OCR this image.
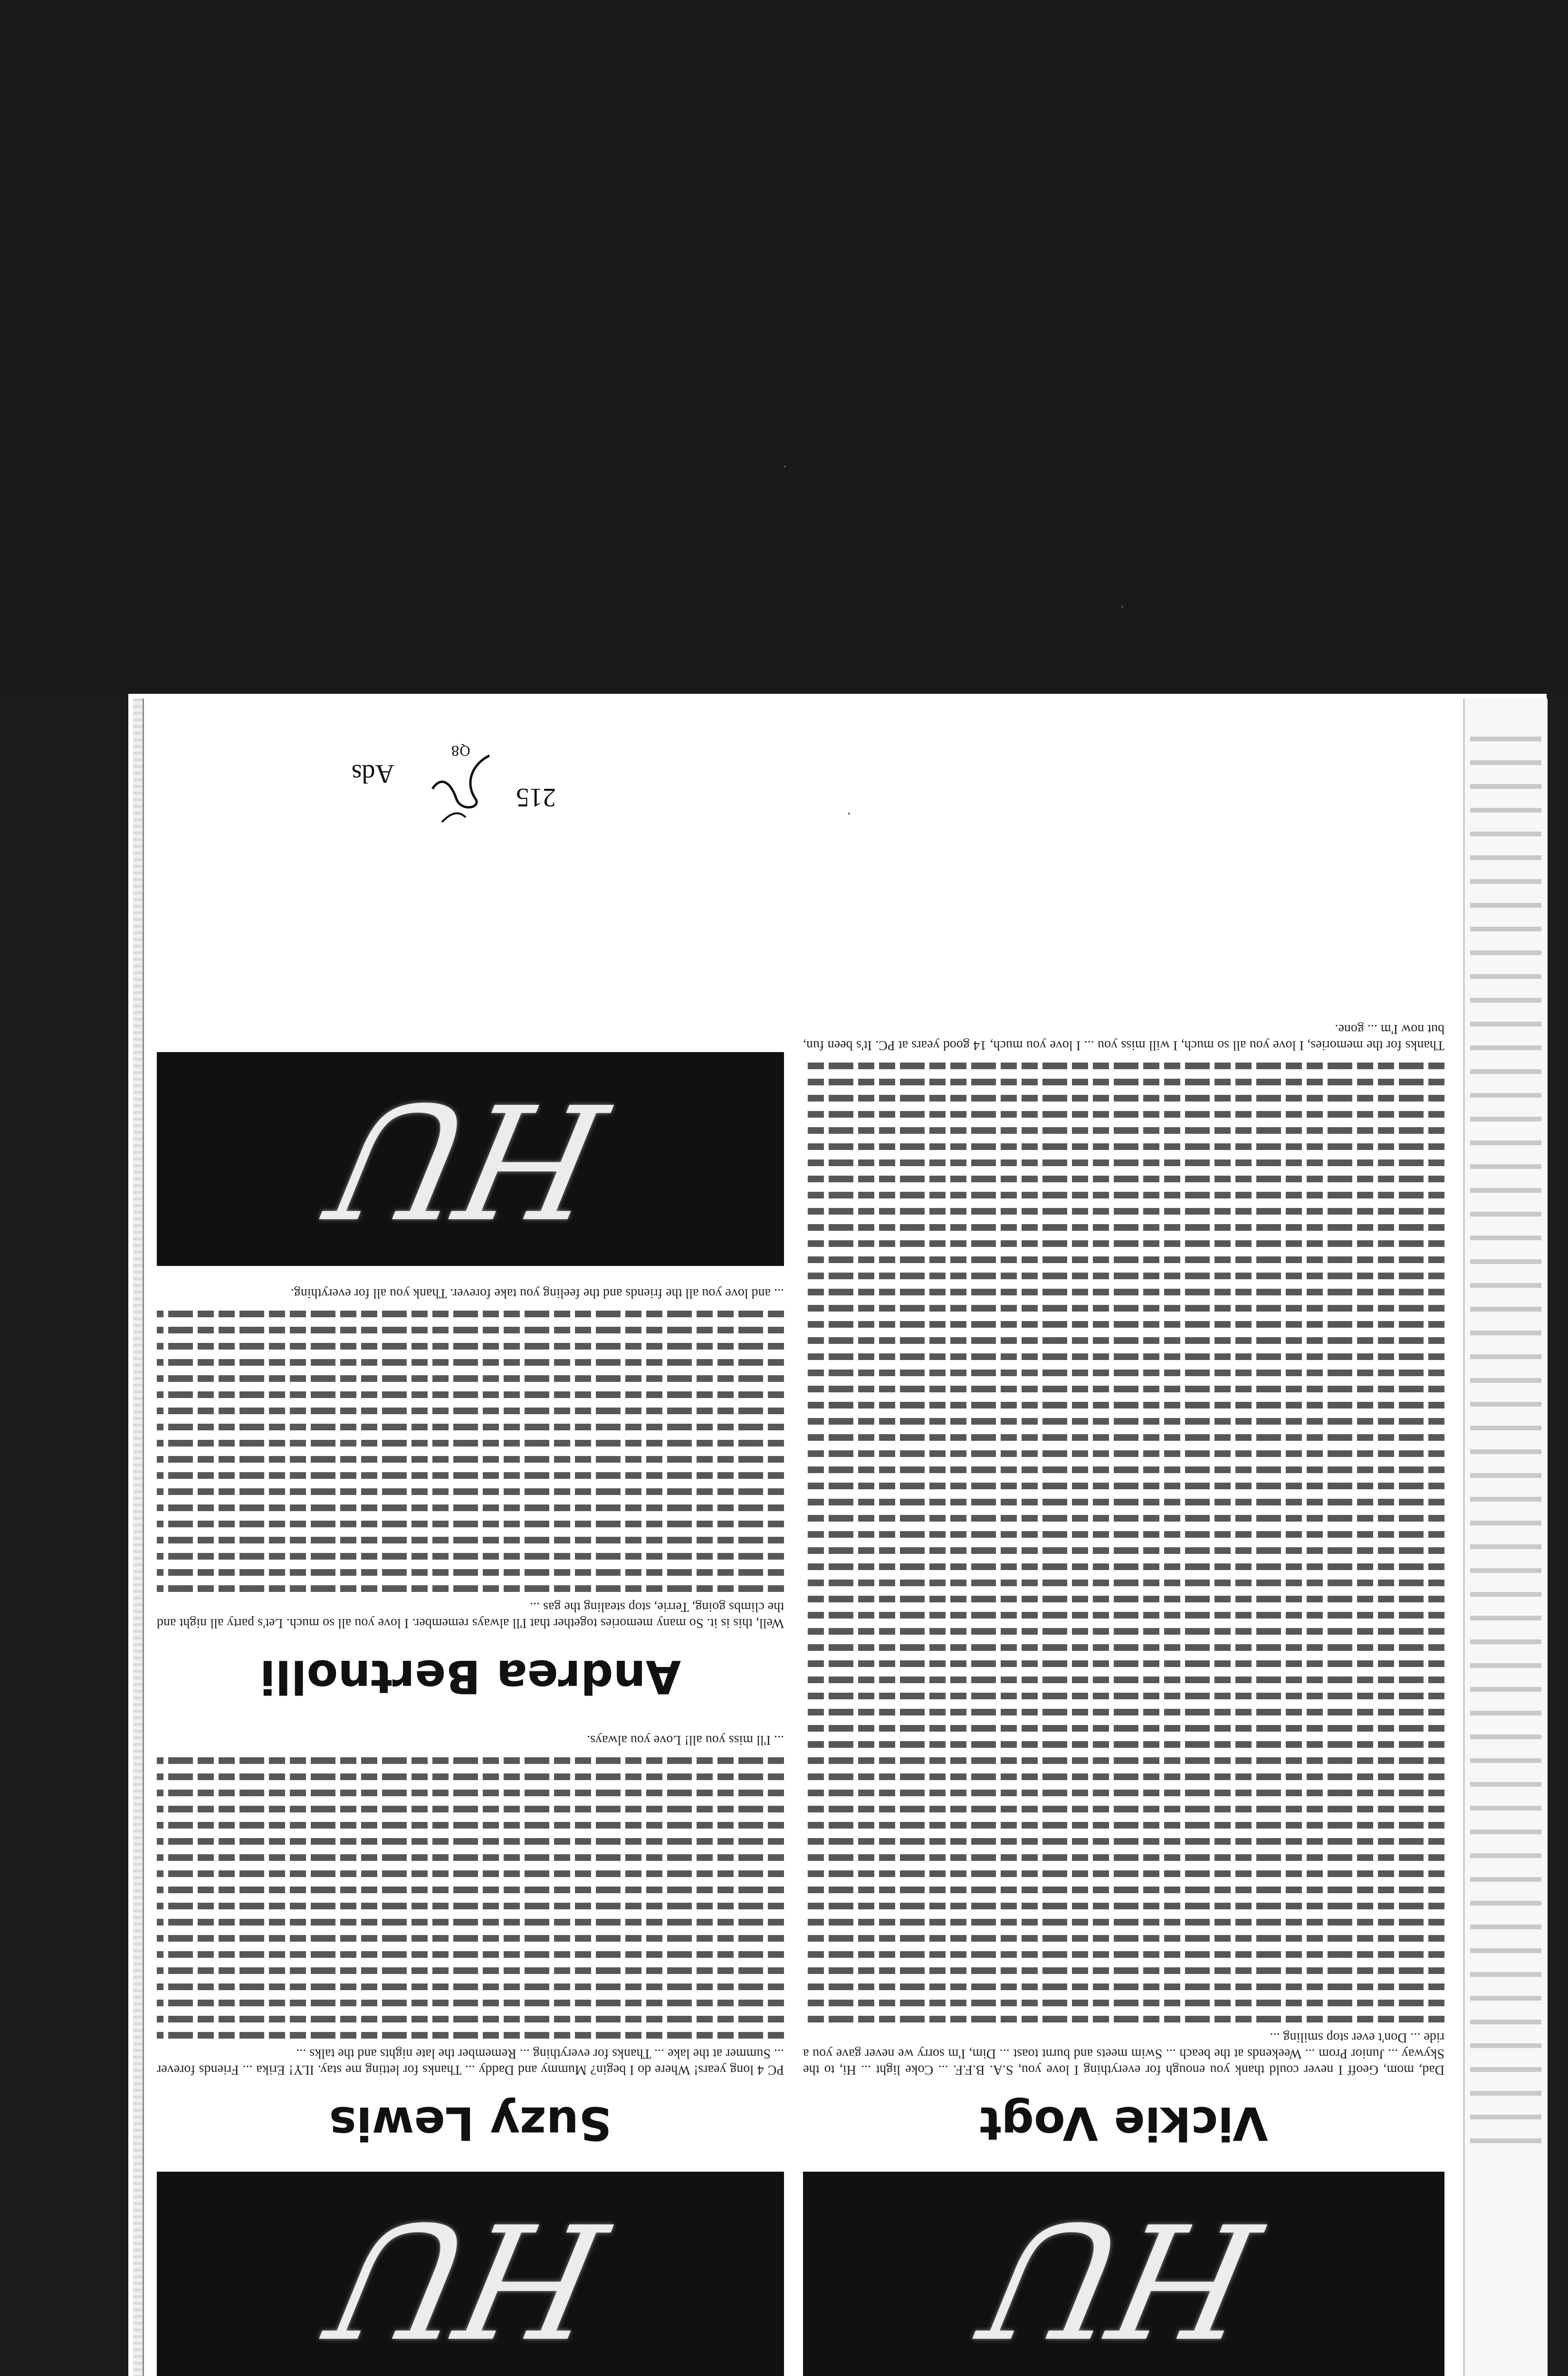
HU
Vickie Vogt

Dad, mom, Geoff I never could thank you enough for everything I love you, S.A. B.F.F. ... Coke light ... Hi, to the Skyway ... Junior Prom ... Weekends at the beach ... Swim meets and burnt toast ... Dim, I'm sorry we never gave you a ride ... Don't ever stop smiling ...

Thanks for the memories, I love you all so much, I will miss you ... I love you much, 14 good years at PC. It's been fun, but now I'm ... gone.

HU
Suzy Lewis

PC 4 long years! Where do I begin? Mummy and Daddy ... Thanks for letting me stay. ILY! Erika ... Friends forever ... Summer at the lake ... Thanks for everything ... Remember the late nights and the talks ...

... I'll miss you all! Love you always.

Andrea Bertnolli

Well, this is it. So many memories together that I'll always remember. I love you all so much. Let's party all night and the climbs going, Terrie, stop stealing the gas ...

... and love you all the friends and the feeling you take forever. Thank you all for everything.

HU
215
Q8
Ads
